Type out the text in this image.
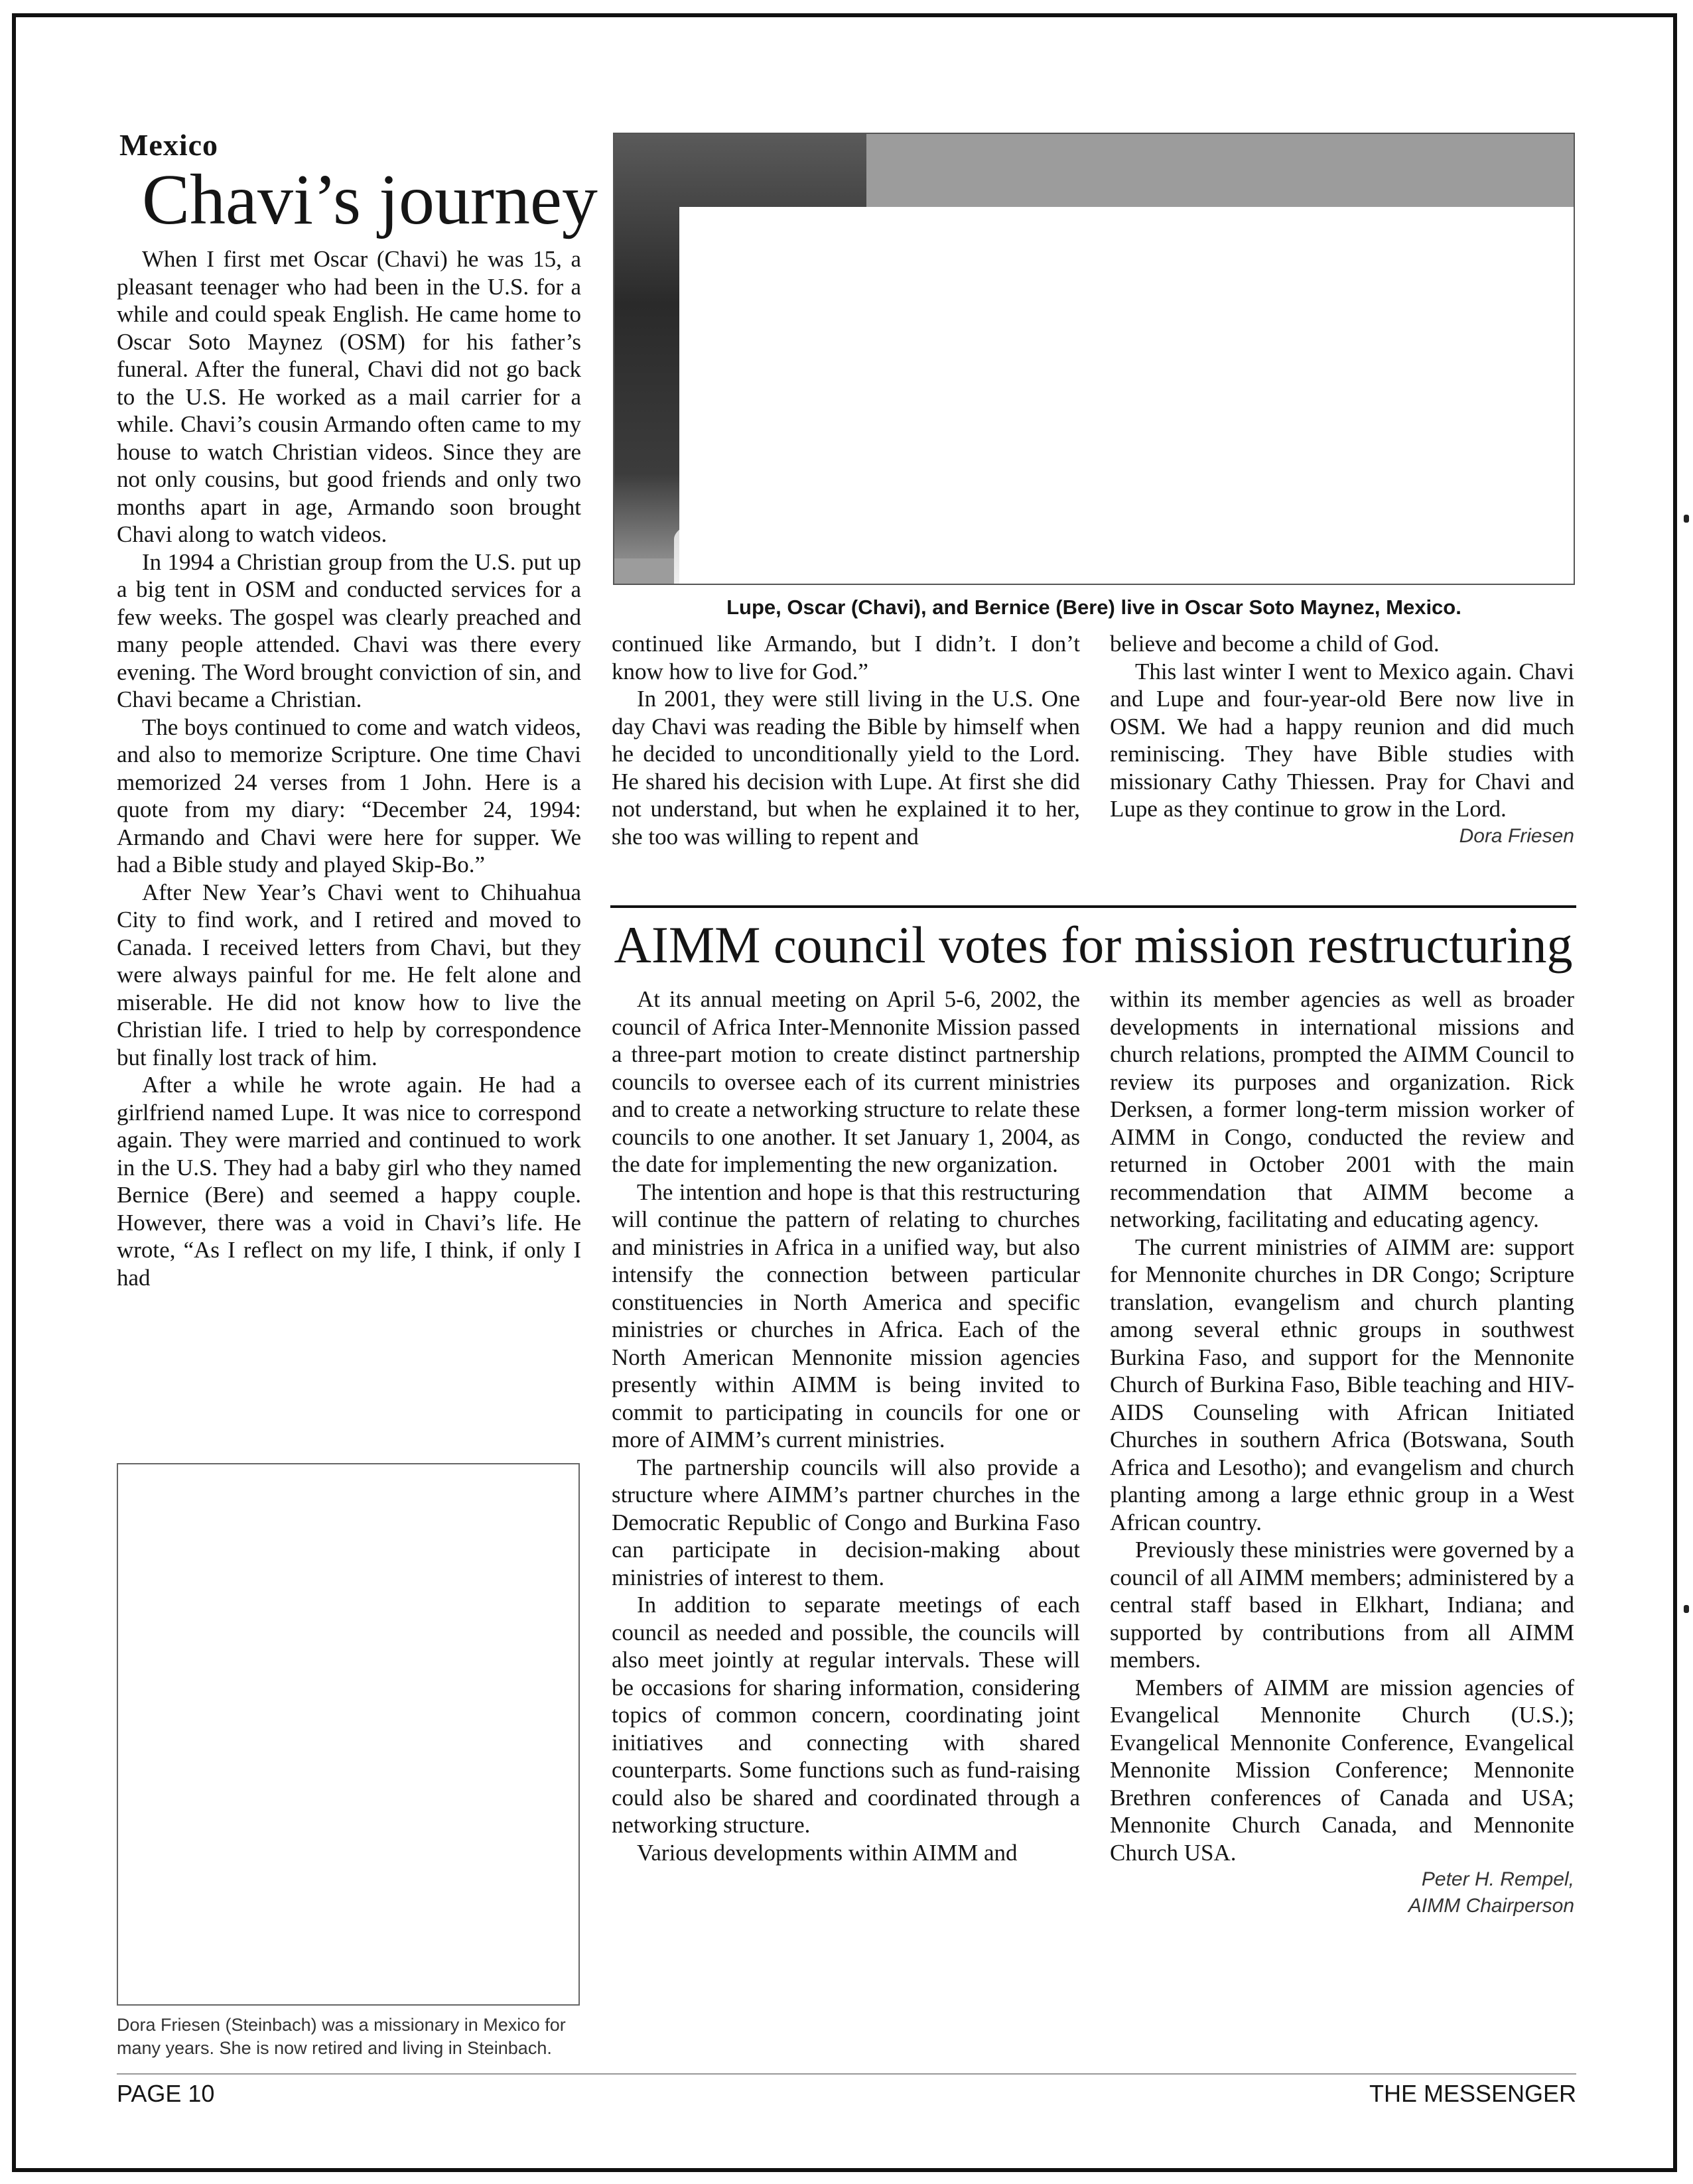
Mexico
Chavi’s journey

When I first met Oscar (Chavi) he was 15, a pleasant teenager who had been in the U.S. for a while and could speak English. He came home to Oscar Soto Maynez (OSM) for his father’s funeral. After the funeral, Chavi did not go back to the U.S. He worked as a mail carrier for a while. Chavi’s cousin Armando often came to my house to watch Christian videos. Since they are not only cousins, but good friends and only two months apart in age, Armando soon brought Chavi along to watch videos.

In 1994 a Christian group from the U.S. put up a big tent in OSM and conducted services for a few weeks. The gospel was clearly preached and many people attended. Chavi was there every evening. The Word brought conviction of sin, and Chavi became a Christian.

The boys continued to come and watch videos, and also to memorize Scripture. One time Chavi memorized 24 verses from 1 John. Here is a quote from my diary: “December 24, 1994: Armando and Chavi were here for supper. We had a Bible study and played Skip-Bo.”

After New Year’s Chavi went to Chihuahua City to find work, and I retired and moved to Canada. I received letters from Chavi, but they were always painful for me. He felt alone and miserable. He did not know how to live the Christian life. I tried to help by correspondence but finally lost track of him.

After a while he wrote again. He had a girlfriend named Lupe. It was nice to correspond again. They were married and continued to work in the U.S. They had a baby girl who they named Bernice (Bere) and seemed a happy couple. However, there was a void in Chavi’s life. He wrote, “As I reflect on my life, I think, if only I had

Lupe, Oscar (Chavi), and Bernice (Bere) live in Oscar Soto Maynez, Mexico.

continued like Armando, but I didn’t. I don’t know how to live for God.”

In 2001, they were still living in the U.S. One day Chavi was reading the Bible by himself when he decided to unconditionally yield to the Lord. He shared his decision with Lupe. At first she did not understand, but when he explained it to her, she too was willing to repent and

believe and become a child of God.

This last winter I went to Mexico again. Chavi and Lupe and four-year-old Bere now live in OSM. We had a happy reunion and did much reminiscing. They have Bible studies with missionary Cathy Thiessen. Pray for Chavi and Lupe as they continue to grow in the Lord.

Dora Friesen
Dora Friesen (Steinbach) was a missionary in Mexico for many years. She is now retired and living in Steinbach.
AIMM council votes for mission restructuring

At its annual meeting on April 5-6, 2002, the council of Africa Inter-Mennonite Mission passed a three-part motion to create distinct partnership councils to oversee each of its current ministries and to create a networking structure to relate these councils to one another. It set January 1, 2004, as the date for implementing the new organization.

The intention and hope is that this restructuring will continue the pattern of relating to churches and ministries in Africa in a unified way, but also intensify the connection between particular constituencies in North America and specific ministries or churches in Africa. Each of the North American Mennonite mission agencies presently within AIMM is being invited to commit to participating in councils for one or more of AIMM’s current ministries.

The partnership councils will also provide a structure where AIMM’s partner churches in the Democratic Republic of Congo and Burkina Faso can participate in decision-making about ministries of interest to them.

In addition to separate meetings of each council as needed and possible, the councils will also meet jointly at regular intervals. These will be occasions for sharing information, considering topics of common concern, coordinating joint initiatives and connecting with shared counterparts. Some functions such as fund-raising could also be shared and coordinated through a networking structure.

Various developments within AIMM and

within its member agencies as well as broader developments in international missions and church relations, prompted the AIMM Council to review its purposes and organization. Rick Derksen, a former long-term mission worker of AIMM in Congo, conducted the review and returned in October 2001 with the main recommendation that AIMM become a networking, facilitating and educating agency.

The current ministries of AIMM are: support for Mennonite churches in DR Congo; Scripture translation, evangelism and church planting among several ethnic groups in southwest Burkina Faso, and support for the Mennonite Church of Burkina Faso, Bible teaching and HIV-AIDS Counseling with African Initiated Churches in southern Africa (Botswana, South Africa and Lesotho); and evangelism and church planting among a large ethnic group in a West African country.

Previously these ministries were governed by a council of all AIMM members; administered by a central staff based in Elkhart, Indiana; and supported by contributions from all AIMM members.

Members of AIMM are mission agencies of Evangelical Mennonite Church (U.S.); Evangelical Mennonite Conference, Evangelical Mennonite Mission Conference; Mennonite Brethren conferences of Canada and USA; Mennonite Church Canada, and Mennonite Church USA.

Peter H. Rempel,
AIMM Chairperson
PAGE 10	THE MESSENGER
